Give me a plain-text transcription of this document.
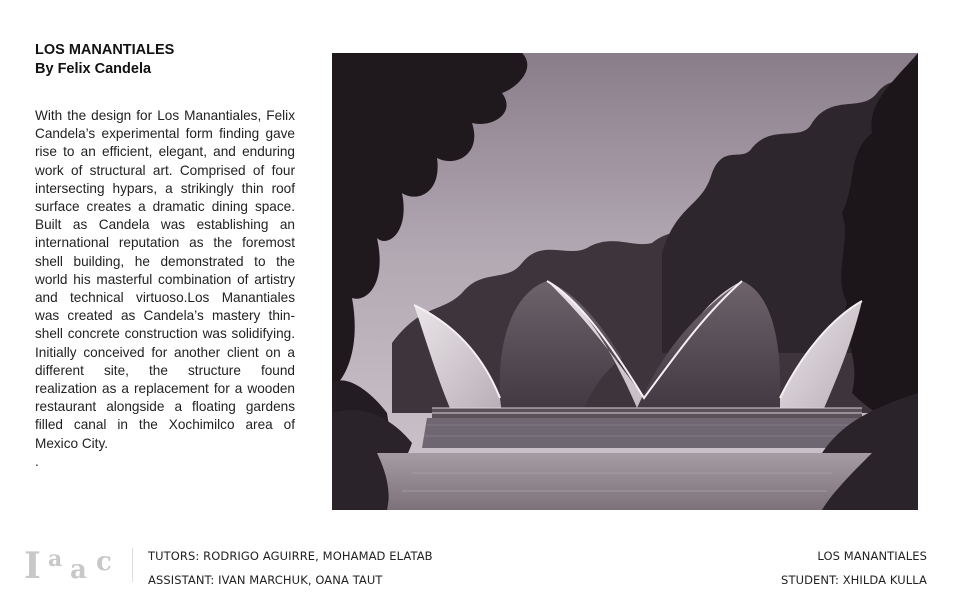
LOS MANANTIALES
By Felix Candela
With the design for Los Manantiales, Felix Candela’s experimental form finding gave rise to an efficient, elegant, and enduring work of structural art. Comprised of four intersecting hypars, a strikingly thin roof surface creates a dramatic dining space. Built as Candela was establishing an international reputation as the foremost shell building, he demonstrated to the world his masterful combination of artistry and technical virtuoso.Los Manantiales was created as Candela’s mastery thin-shell concrete construction was solidifying. Initially conceived for another client on a different site, the structure found realization as a replacement for a wooden restaurant alongside a floating gardens filled canal in the Xochimilco area of Mexico City.
.
I a a c	TUTORS: RODRIGO AGUIRRE, MOHAMAD ELATAB
ASSISTANT: IVAN MARCHUK, OANA TAUT
LOS MANANTIALES
STUDENT: XHILDA KULLA
